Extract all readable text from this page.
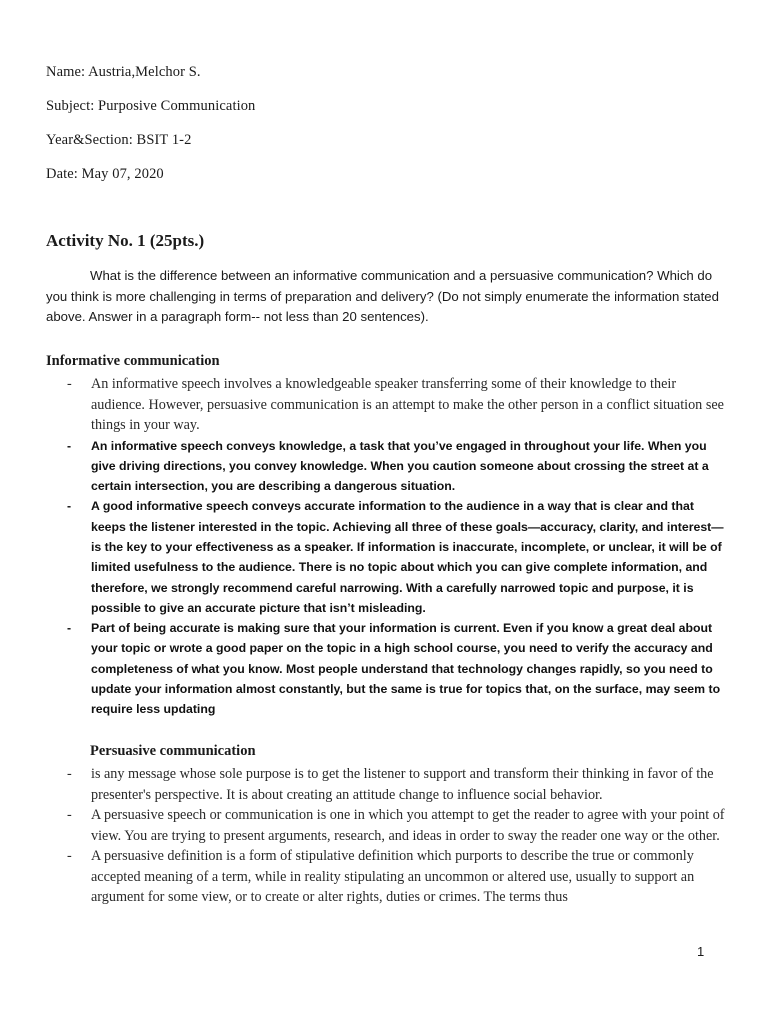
Name: Austria,Melchor S.
Subject: Purposive Communication
Year&Section: BSIT 1-2
Date: May 07, 2020
Activity No. 1 (25pts.)
What is the difference between an informative communication and a persuasive communication? Which do you think is more challenging in terms of preparation and delivery? (Do not simply enumerate the information stated above. Answer in a paragraph form-- not less than 20 sentences).
Informative communication
- An informative speech involves a knowledgeable speaker transferring some of their knowledge to their audience. However, persuasive communication is an attempt to make the other person in a conflict situation see things in your way.
- An informative speech conveys knowledge, a task that you’ve engaged in throughout your life. When you give driving directions, you convey knowledge. When you caution someone about crossing the street at a certain intersection, you are describing a dangerous situation.
- A good informative speech conveys accurate information to the audience in a way that is clear and that keeps the listener interested in the topic. Achieving all three of these goals—accuracy, clarity, and interest—is the key to your effectiveness as a speaker. If information is inaccurate, incomplete, or unclear, it will be of limited usefulness to the audience. There is no topic about which you can give complete information, and therefore, we strongly recommend careful narrowing. With a carefully narrowed topic and purpose, it is possible to give an accurate picture that isn’t misleading.
- Part of being accurate is making sure that your information is current. Even if you know a great deal about your topic or wrote a good paper on the topic in a high school course, you need to verify the accuracy and completeness of what you know. Most people understand that technology changes rapidly, so you need to update your information almost constantly, but the same is true for topics that, on the surface, may seem to require less updating
Persuasive communication
- is any message whose sole purpose is to get the listener to support and transform their thinking in favor of the presenter's perspective. It is about creating an attitude change to influence social behavior.
- A persuasive speech or communication is one in which you attempt to get the reader to agree with your point of view. You are trying to present arguments, research, and ideas in order to sway the reader one way or the other.
- A persuasive definition is a form of stipulative definition which purports to describe the true or commonly accepted meaning of a term, while in reality stipulating an uncommon or altered use, usually to support an argument for some view, or to create or alter rights, duties or crimes. The terms thus
1
